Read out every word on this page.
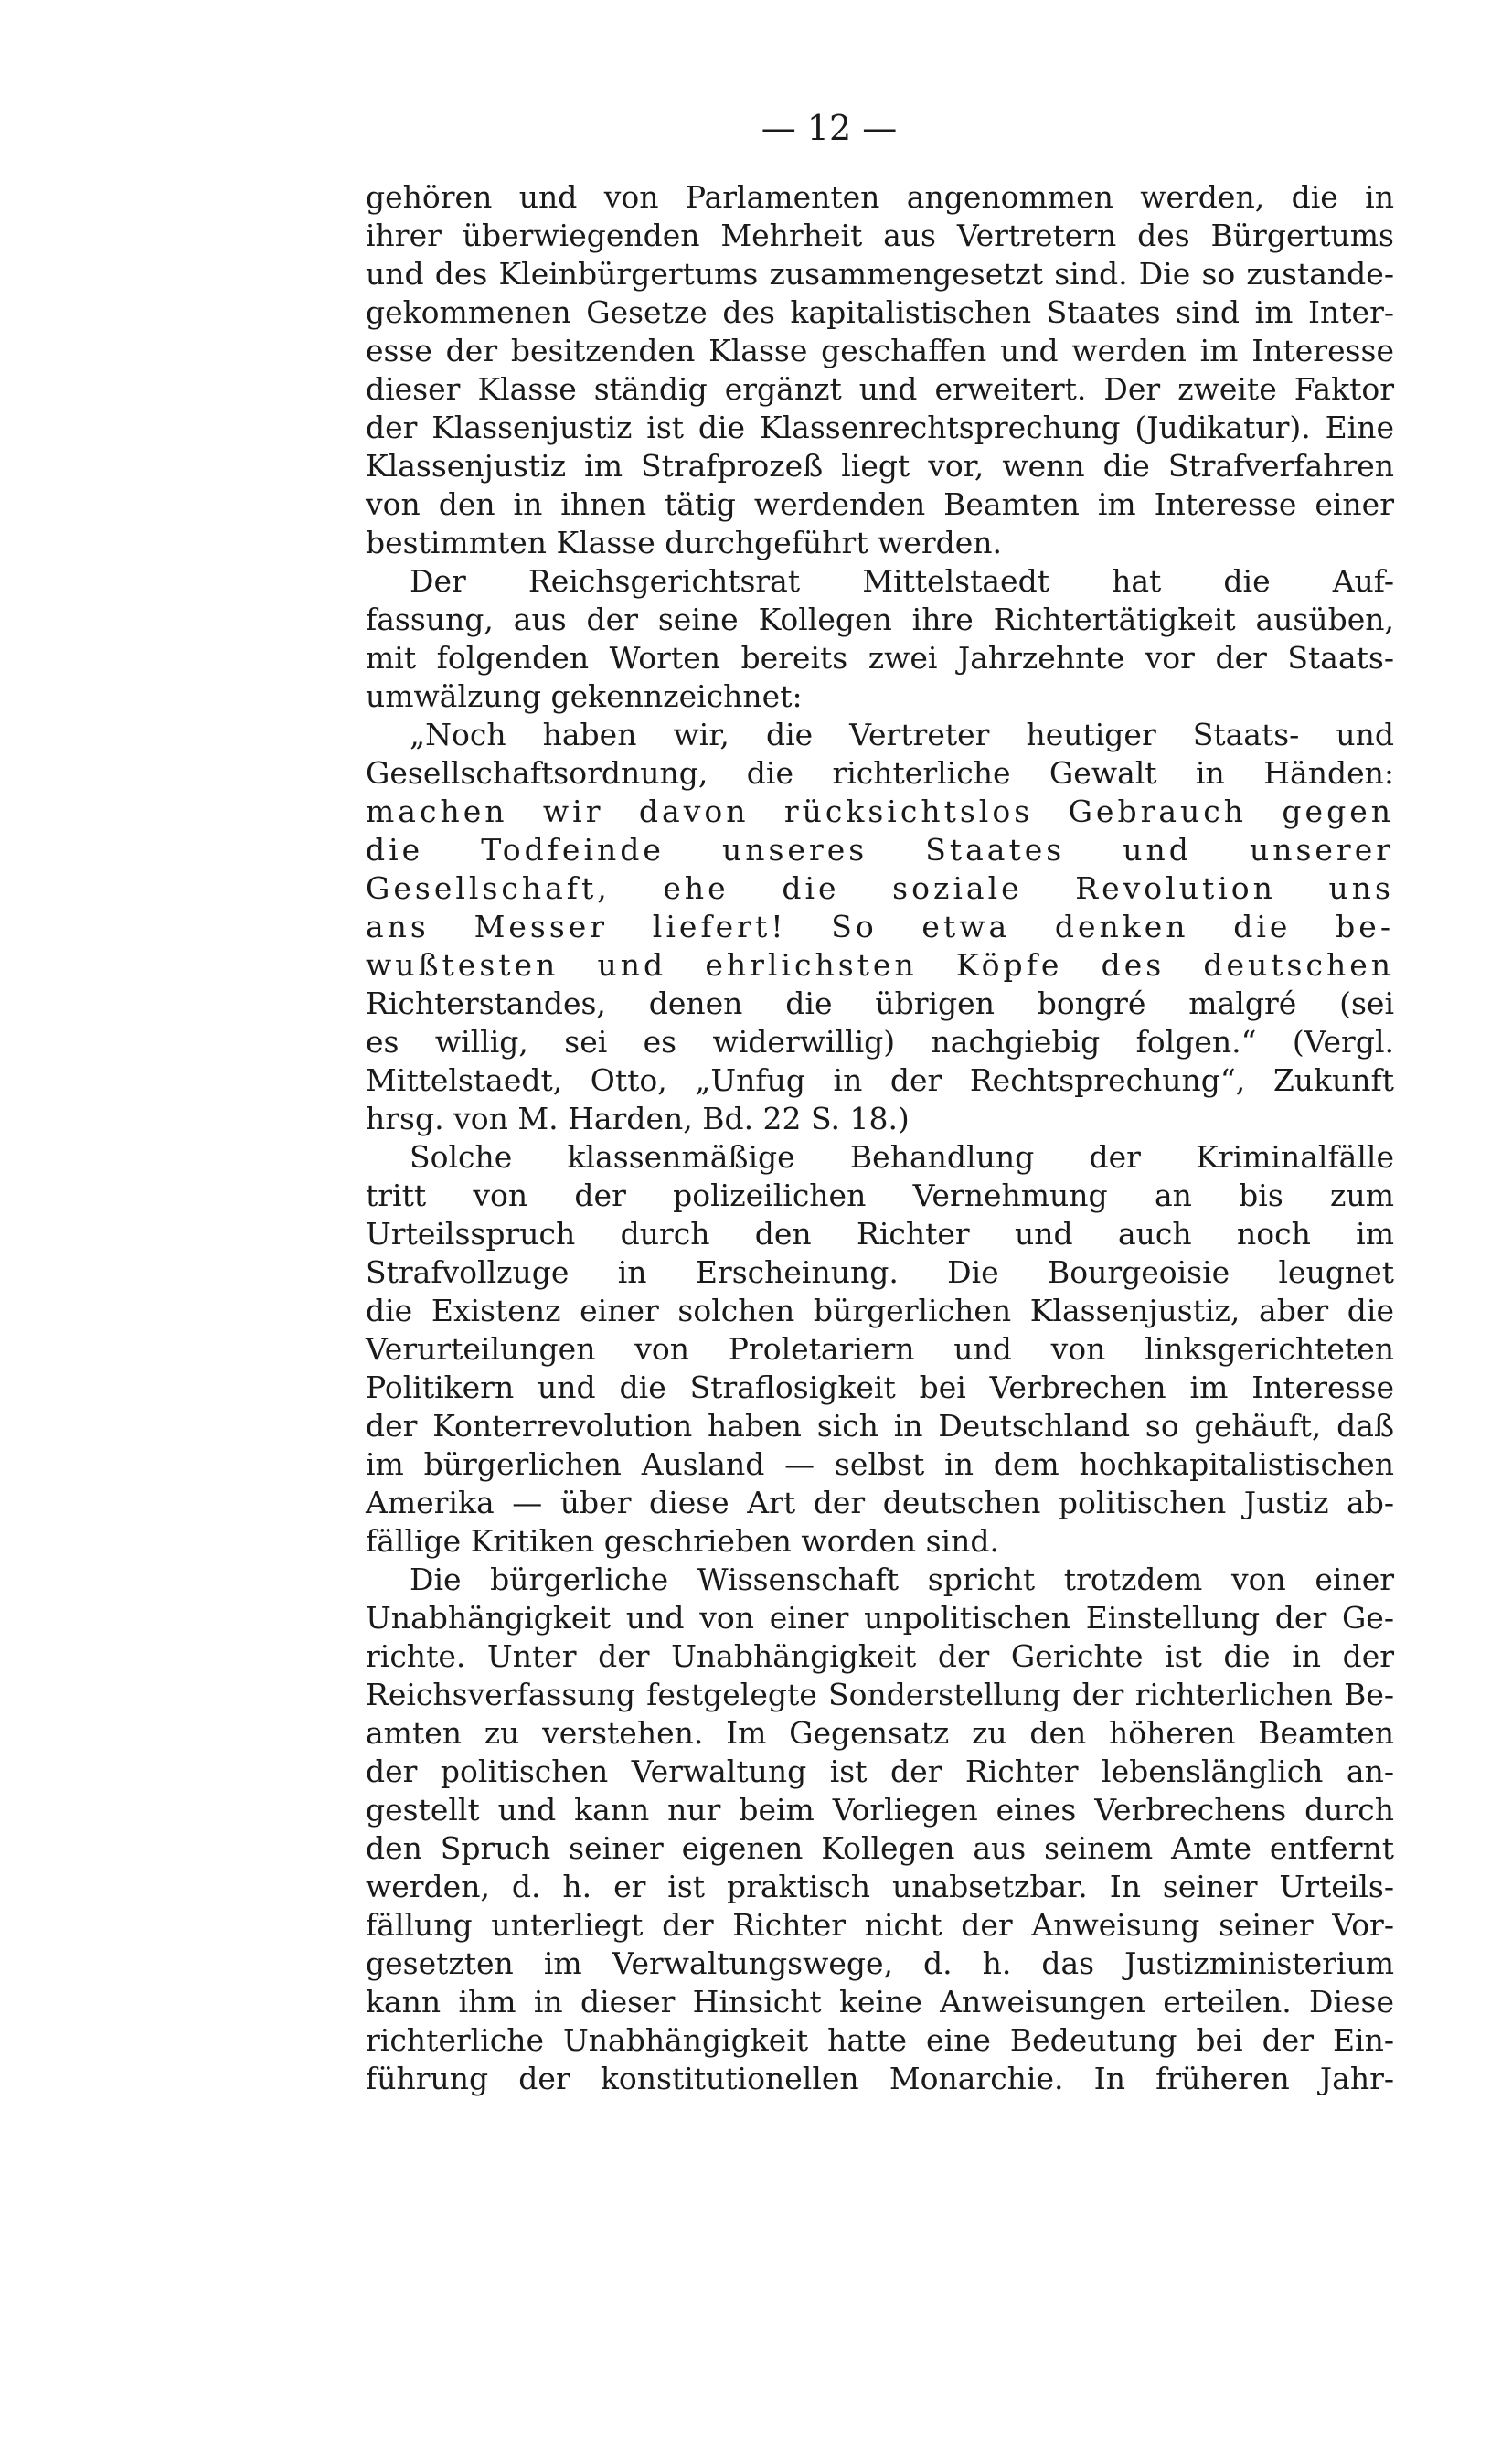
— 12 —

gehören und von Parlamenten angenommen werden, die in
ihrer überwiegenden Mehrheit aus Vertretern des Bürgertums
und des Kleinbürgertums zusammengesetzt sind. Die so zustande-
gekommenen Gesetze des kapitalistischen Staates sind im Inter-
esse der besitzenden Klasse geschaffen und werden im Interesse
dieser Klasse ständig ergänzt und erweitert. Der zweite Faktor
der Klassenjustiz ist die Klassenrechtsprechung (Judikatur). Eine
Klassenjustiz im Strafprozeß liegt vor, wenn die Strafverfahren
von den in ihnen tätig werdenden Beamten im Interesse einer
bestimmten Klasse durchgeführt werden.

Der Reichsgerichtsrat Mittelstaedt hat die Auf-
fassung, aus der seine Kollegen ihre Richtertätigkeit ausüben,
mit folgenden Worten bereits zwei Jahrzehnte vor der Staats-
umwälzung gekennzeichnet:

„Noch haben wir, die Vertreter heutiger Staats- und
Gesellschaftsordnung, die richterliche Gewalt in Händen:
machen wir davon rücksichtslos Gebrauch gegen
die Todfeinde unseres Staates und unserer
Gesellschaft, ehe die soziale Revolution uns
ans Messer liefert! So etwa denken die be-
wußtesten und ehrlichsten Köpfe des deutschen
Richterstandes, denen die übrigen bongré malgré (sei
es willig, sei es widerwillig) nachgiebig folgen.“ (Vergl.
Mittelstaedt, Otto, „Unfug in der Rechtsprechung“, Zukunft
hrsg. von M. Harden, Bd. 22 S. 18.)

Solche klassenmäßige Behandlung der Kriminalfälle
tritt von der polizeilichen Vernehmung an bis zum
Urteilsspruch durch den Richter und auch noch im
Strafvollzuge in Erscheinung. Die Bourgeoisie leugnet
die Existenz einer solchen bürgerlichen Klassenjustiz, aber die
Verurteilungen von Proletariern und von linksgerichteten
Politikern und die Straflosigkeit bei Verbrechen im Interesse
der Konterrevolution haben sich in Deutschland so gehäuft, daß
im bürgerlichen Ausland — selbst in dem hochkapitalistischen
Amerika — über diese Art der deutschen politischen Justiz ab-
fällige Kritiken geschrieben worden sind.

Die bürgerliche Wissenschaft spricht trotzdem von einer
Unabhängigkeit und von einer unpolitischen Einstellung der Ge-
richte. Unter der Unabhängigkeit der Gerichte ist die in der
Reichsverfassung festgelegte Sonderstellung der richterlichen Be-
amten zu verstehen. Im Gegensatz zu den höheren Beamten
der politischen Verwaltung ist der Richter lebenslänglich an-
gestellt und kann nur beim Vorliegen eines Verbrechens durch
den Spruch seiner eigenen Kollegen aus seinem Amte entfernt
werden, d. h. er ist praktisch unabsetzbar. In seiner Urteils-
fällung unterliegt der Richter nicht der Anweisung seiner Vor-
gesetzten im Verwaltungswege, d. h. das Justizministerium
kann ihm in dieser Hinsicht keine Anweisungen erteilen. Diese
richterliche Unabhängigkeit hatte eine Bedeutung bei der Ein-
führung der konstitutionellen Monarchie. In früheren Jahr-
